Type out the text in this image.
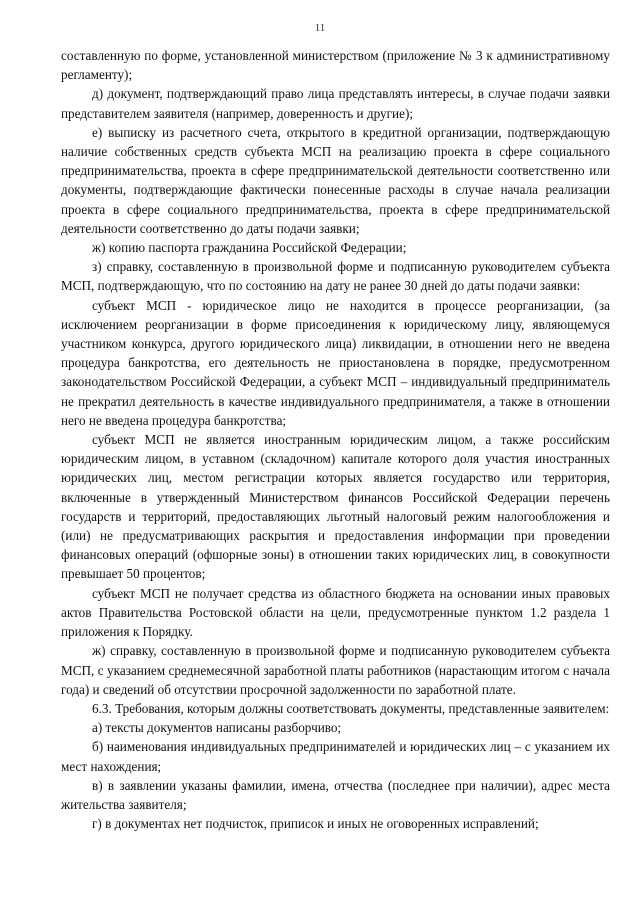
11

составленную по форме, установленной министерством (приложение № 3 к административному регламенту);

д) документ, подтверждающий право лица представлять интересы, в случае подачи заявки представителем заявителя (например, доверенность и другие);

е) выписку из расчетного счета, открытого в кредитной организации, подтверждающую наличие собственных средств субъекта МСП на реализацию проекта в сфере социального предпринимательства, проекта в сфере предпринимательской деятельности соответственно или документы, подтверждающие фактически понесенные расходы в случае начала реализации проекта в сфере социального предпринимательства, проекта в сфере предпринимательской деятельности соответственно до даты подачи заявки;

ж) копию паспорта гражданина Российской Федерации;

з) справку, составленную в произвольной форме и подписанную руководителем субъекта МСП, подтверждающую, что по состоянию на дату не ранее 30 дней до даты подачи заявки:

субъект МСП - юридическое лицо не находится в процессе реорганизации, (за исключением реорганизации в форме присоединения к юридическому лицу, являющемуся участником конкурса, другого юридического лица) ликвидации, в отношении него не введена процедура банкротства, его деятельность не приостановлена в порядке, предусмотренном законодательством Российской Федерации, а субъект МСП – индивидуальный предприниматель не прекратил деятельность в качестве индивидуального предпринимателя, а также в отношении него не введена процедура банкротства;

субъект МСП не является иностранным юридическим лицом, а также российским юридическим лицом, в уставном (складочном) капитале которого доля участия иностранных юридических лиц, местом регистрации которых является государство или территория, включенные в утвержденный Министерством финансов Российской Федерации перечень государств и территорий, предоставляющих льготный налоговый режим налогообложения и (или) не предусматривающих раскрытия и предоставления информации при проведении финансовых операций (офшорные зоны) в отношении таких юридических лиц, в совокупности превышает 50 процентов;

субъект МСП не получает средства из областного бюджета на основании иных правовых актов Правительства Ростовской области на цели, предусмотренные пунктом 1.2 раздела 1 приложения к Порядку.

ж) справку, составленную в произвольной форме и подписанную руководителем субъекта МСП, с указанием среднемесячной заработной платы работников (нарастающим итогом с начала года) и сведений об отсутствии просрочной задолженности по заработной плате.

6.3. Требования, которым должны соответствовать документы, представленные заявителем:

а) тексты документов написаны разборчиво;

б) наименования индивидуальных предпринимателей и юридических лиц – с указанием их мест нахождения;

в) в заявлении указаны фамилии, имена, отчества (последнее при наличии), адрес места жительства заявителя;

г) в документах нет подчисток, приписок и иных не оговоренных исправлений;
